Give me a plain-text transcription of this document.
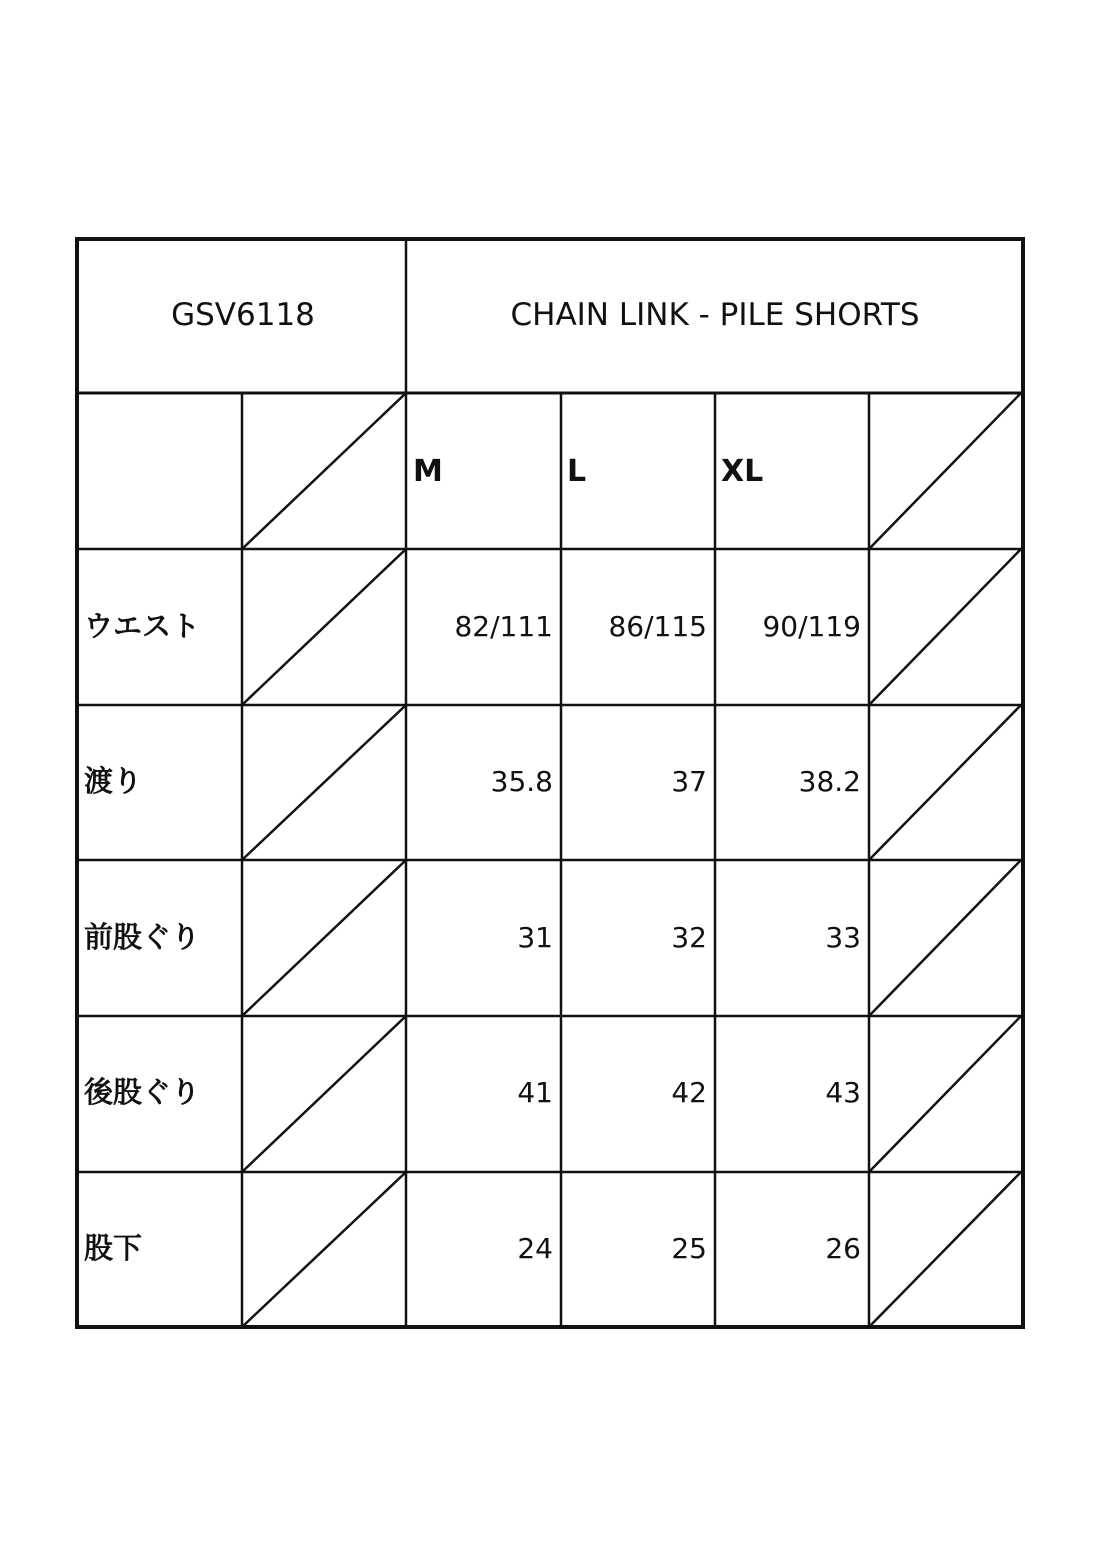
GSV6118	CHAIN LINK - PILE SHORTS
M	L	XL
ウエスト	82/111	86/115	90/119
渡り	35.8	37	38.2
前股ぐり	31	32	33
後股ぐり	41	42	43
股下	24	25	26
